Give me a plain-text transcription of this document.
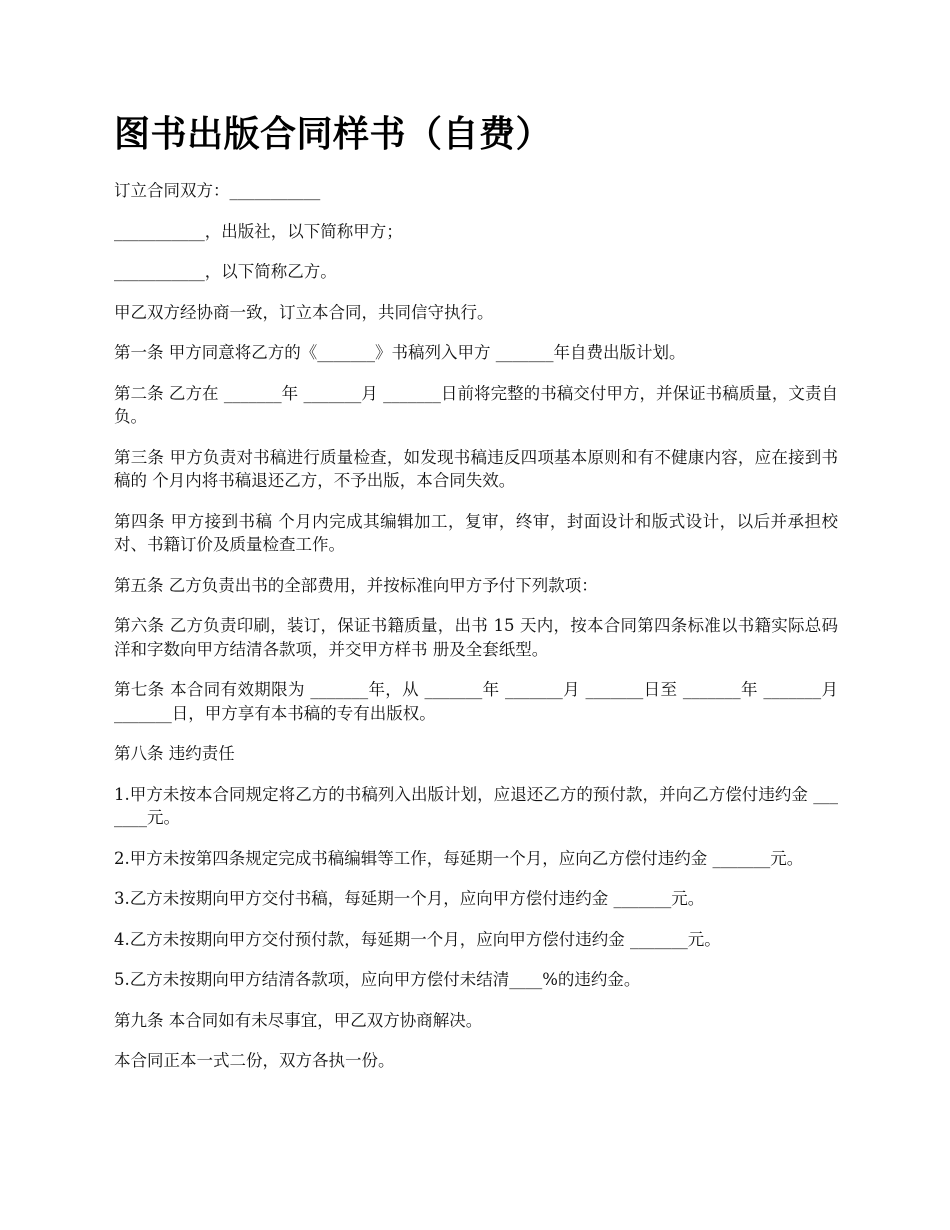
图书出版合同样书（自费）

订立合同双方：___________

___________，出版社，以下简称甲方；

___________，以下简称乙方。

甲乙双方经协商一致，订立本合同，共同信守执行。

第一条 甲方同意将乙方的《_______》书稿列入甲方 _______年自费出版计划。

第二条 乙方在 _______年 _______月 _______日前将完整的书稿交付甲方，并保证书稿质量，文责自负。

第三条 甲方负责对书稿进行质量检查，如发现书稿违反四项基本原则和有不健康内容，应在接到书稿的 个月内将书稿退还乙方，不予出版，本合同失效。

第四条 甲方接到书稿 个月内完成其编辑加工，复审，终审，封面设计和版式设计，以后并承担校对、书籍订价及质量检查工作。

第五条 乙方负责出书的全部费用，并按标准向甲方予付下列款项：

第六条 乙方负责印刷，装订，保证书籍质量，出书 15 天内，按本合同第四条标准以书籍实际总码洋和字数向甲方结清各款项，并交甲方样书 册及全套纸型。

第七条 本合同有效期限为 _______年，从 _______年 _______月 _______日至 _______年 _______月 _______日，甲方享有本书稿的专有出版权。

第八条 违约责任

1.甲方未按本合同规定将乙方的书稿列入出版计划，应退还乙方的预付款，并向乙方偿付违约金 _______元。

2.甲方未按第四条规定完成书稿编辑等工作，每延期一个月，应向乙方偿付违约金 _______元。

3.乙方未按期向甲方交付书稿，每延期一个月，应向甲方偿付违约金 _______元。

4.乙方未按期向甲方交付预付款，每延期一个月，应向甲方偿付违约金 _______元。

5.乙方未按期向甲方结清各款项，应向甲方偿付未结清____%的违约金。

第九条 本合同如有未尽事宜，甲乙双方协商解决。

本合同正本一式二份，双方各执一份。
